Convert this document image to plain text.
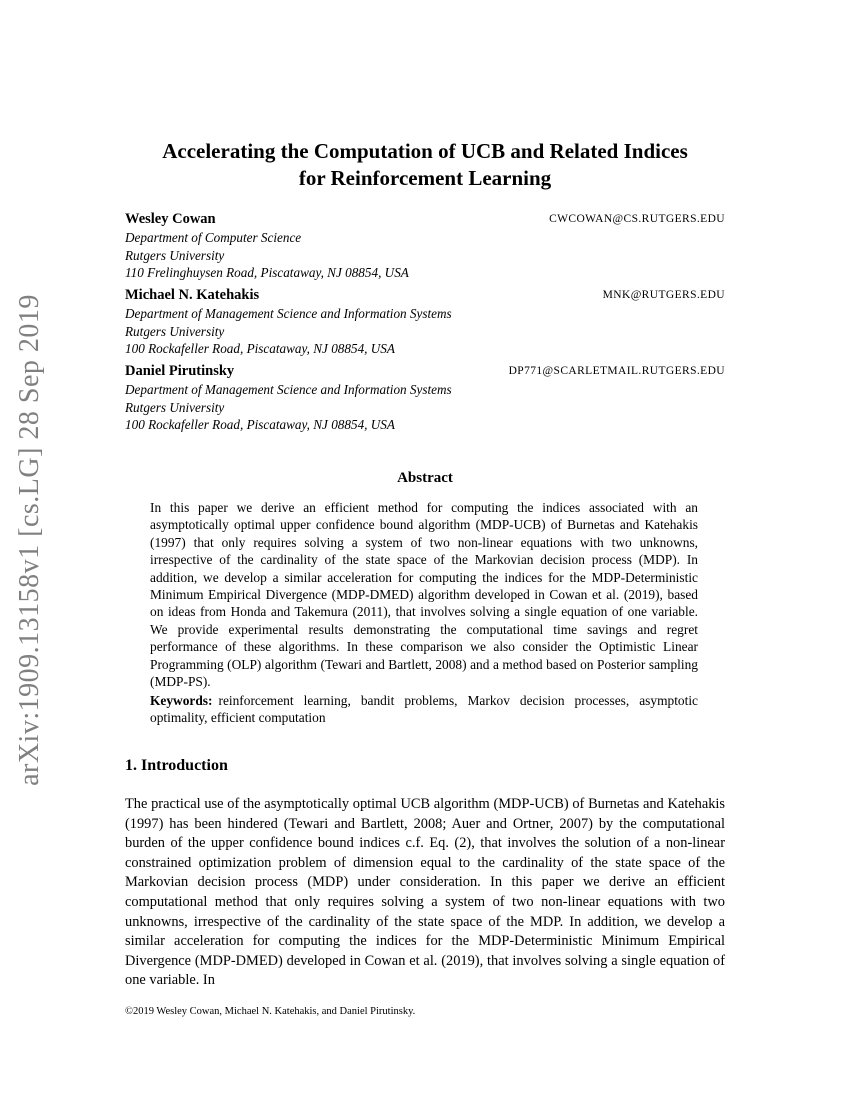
arXiv:1909.13158v1 [cs.LG] 28 Sep 2019
Accelerating the Computation of UCB and Related Indices
for Reinforcement Learning
Wesley Cowan	CWCOWAN@CS.RUTGERS.EDU
Department of Computer Science
Rutgers University
110 Frelinghuysen Road, Piscataway, NJ 08854, USA
Michael N. Katehakis	MNK@RUTGERS.EDU
Department of Management Science and Information Systems
Rutgers University
100 Rockafeller Road, Piscataway, NJ 08854, USA
Daniel Pirutinsky	DP771@SCARLETMAIL.RUTGERS.EDU
Department of Management Science and Information Systems
Rutgers University
100 Rockafeller Road, Piscataway, NJ 08854, USA
Abstract
In this paper we derive an efficient method for computing the indices associated with an asymptotically optimal upper confidence bound algorithm (MDP-UCB) of Burnetas and Katehakis (1997) that only requires solving a system of two non-linear equations with two unknowns, irrespective of the cardinality of the state space of the Markovian decision process (MDP). In addition, we develop a similar acceleration for computing the indices for the MDP-Deterministic Minimum Empirical Divergence (MDP-DMED) algorithm developed in Cowan et al. (2019), based on ideas from Honda and Takemura (2011), that involves solving a single equation of one variable. We provide experimental results demonstrating the computational time savings and regret performance of these algorithms. In these comparison we also consider the Optimistic Linear Programming (OLP) algorithm (Tewari and Bartlett, 2008) and a method based on Posterior sampling (MDP-PS).
Keywords: reinforcement learning, bandit problems, Markov decision processes, asymptotic optimality, efficient computation
1. Introduction
The practical use of the asymptotically optimal UCB algorithm (MDP-UCB) of Burnetas and Katehakis (1997) has been hindered (Tewari and Bartlett, 2008; Auer and Ortner, 2007) by the computational burden of the upper confidence bound indices c.f. Eq. (2), that involves the solution of a non-linear constrained optimization problem of dimension equal to the cardinality of the state space of the Markovian decision process (MDP) under consideration. In this paper we derive an efficient computational method that only requires solving a system of two non-linear equations with two unknowns, irrespective of the cardinality of the state space of the MDP. In addition, we develop a similar acceleration for computing the indices for the MDP-Deterministic Minimum Empirical Divergence (MDP-DMED) developed in Cowan et al. (2019), that involves solving a single equation of one variable. In
©2019 Wesley Cowan, Michael N. Katehakis, and Daniel Pirutinsky.
